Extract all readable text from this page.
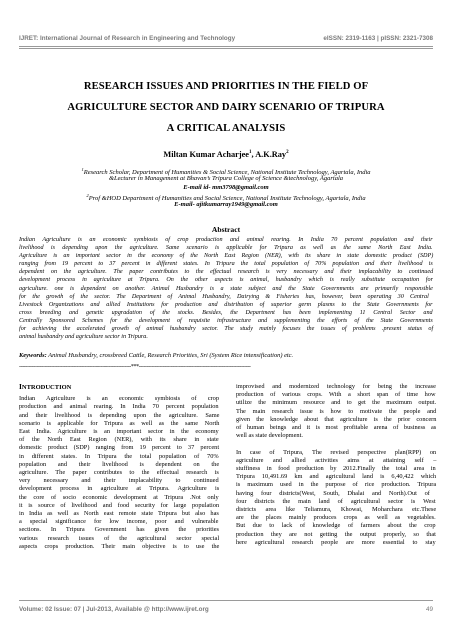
IJRET: International Journal of Research in Engineering and Technology	eISSN: 2319-1163 | pISSN: 2321-7308
RESEARCH ISSUES AND PRIORITIES IN THE FIELD OF
AGRICULTURE SECTOR AND DAIRY SCENARIO OF TRIPURA
A CRITICAL ANALYSIS
Miltan Kumar Acharjee$^1$, A.K.Ray$^2$
$^1$Research Scholar, Department of Humanities & Social Science, National Institute Technology, Agartala, India
&Lecturer in Management at Bhavan’s Tripura College of Science &technology, Agartala
E-mail id- mm3798@gmail.com
$^2$Prof &HOD Department of Humanities and Social Science, National Institute Technology, Agartala, India
E-mail- ajitkumarray1949@gmail.com
Abstract
Indian Agriculture is an economic symbiosis of crop production and animal rearing. In India 70 percent population and their
livelihood is depending upon the agriculture. Same scenario is applicable for Tripura as well as the same North East India.
Agriculture is an important sector in the economy of the North East Region (NER), with its share in state domestic product (SDP)
ranging from 19 percent to 37 percent in different states. In Tripura the total population of 70% population and their livelihood is
dependent on the agriculture. The paper contributes to the effectual research is very necessary and their implacability to continued
development process in agriculture at Tripura. On the other aspects is animal, husbandry which is really substitute occupation for
agriculture. one is dependent on another. Animal Husbandry is a state subject and the State Governments are primarily responsible
for the growth of the sector. The Department of Animal Husbandry, Dairying & Fisheries has, however, been operating 30 Central
Livestock Organizations and allied Institutions for production and distribution of superior germ plasms to the State Governments for
cross breeding and genetic upgradation of the stocks. Besides, the Department has been implementing 11 Central Sector and
Centrally Sponsored Schemes for the development of requisite infrastructure and supplementing the efforts of the State Governments
for achieving the accelerated growth of animal husbandry sector. The study mainly focuses the issues of problems .present status of
animal husbandry and agriculture sector in Tripura.
Keywords: Animal Husbandry, crossbreed Cattle, Research Priorities, Sri (System Rice intensification) etc.
----------------------------------------------------------------------***----------------------------------------------------------------------
INTRODUCTION
Indian Agriculture is an economic symbiosis of crop
production and animal rearing. In India 70 percent population
and their livelihood is depending upon the agriculture. Same
scenario is applicable for Tripura as well as the same North
East India. Agriculture is an important sector in the economy
of the North East Region (NER), with its share in state
domestic product (SDP) ranging from 19 percent to 37 percent
in different states. In Tripura the total population of 70%
population and their livelihood is dependent on the
agriculture. The paper contributes to the effectual research is
very necessary and their implacability to continued
development process in agriculture at Tripura. Agriculture is
the core of socio economic development at Tripura .Not only
it is source of livelihood and food security for large population
in India as well as North east remote state Tripura but also has
a special significance for low income, poor and vulnerable
sections. In Tripura Government has given the priorities
various research issues of the agricultural sector special
aspects crops production. Their main objective is to use the
improvised and modernized technology for being the increase
production of various crops. With a short span of time how
utilize the minimum resource and to get the maximum output.
The main research issue is how to motivate the people and
given the knowledge about that agriculture is the prior concern
of human beings and it is most profitable arena of business as
well as state development.
In case of Tripura, The revised perspective plan(RPP) on
agriculture and allied activities aims at attaining self –
stuffiness in food production by 2012.Finally the total area in
Tripura 10,491.69 km and agricultural land is 6,40,422 which
is maximum used in the purpose of rice production. Tripura
having four districts(West, South, Dhalai and North).Out of
four districts the main land of agricultural sector is West
districts area like Teliamura, Khowai, Moharchara etc.These
are the places mainly produces crops as well as vegetables.
But due to lack of knowledge of farmers about the crop
production they are not getting the output properly, so that
here agricultural research people are more essential to stay
Volume: 02 Issue: 07 | Jul-2013, Available @ http://www.ijret.org	49
